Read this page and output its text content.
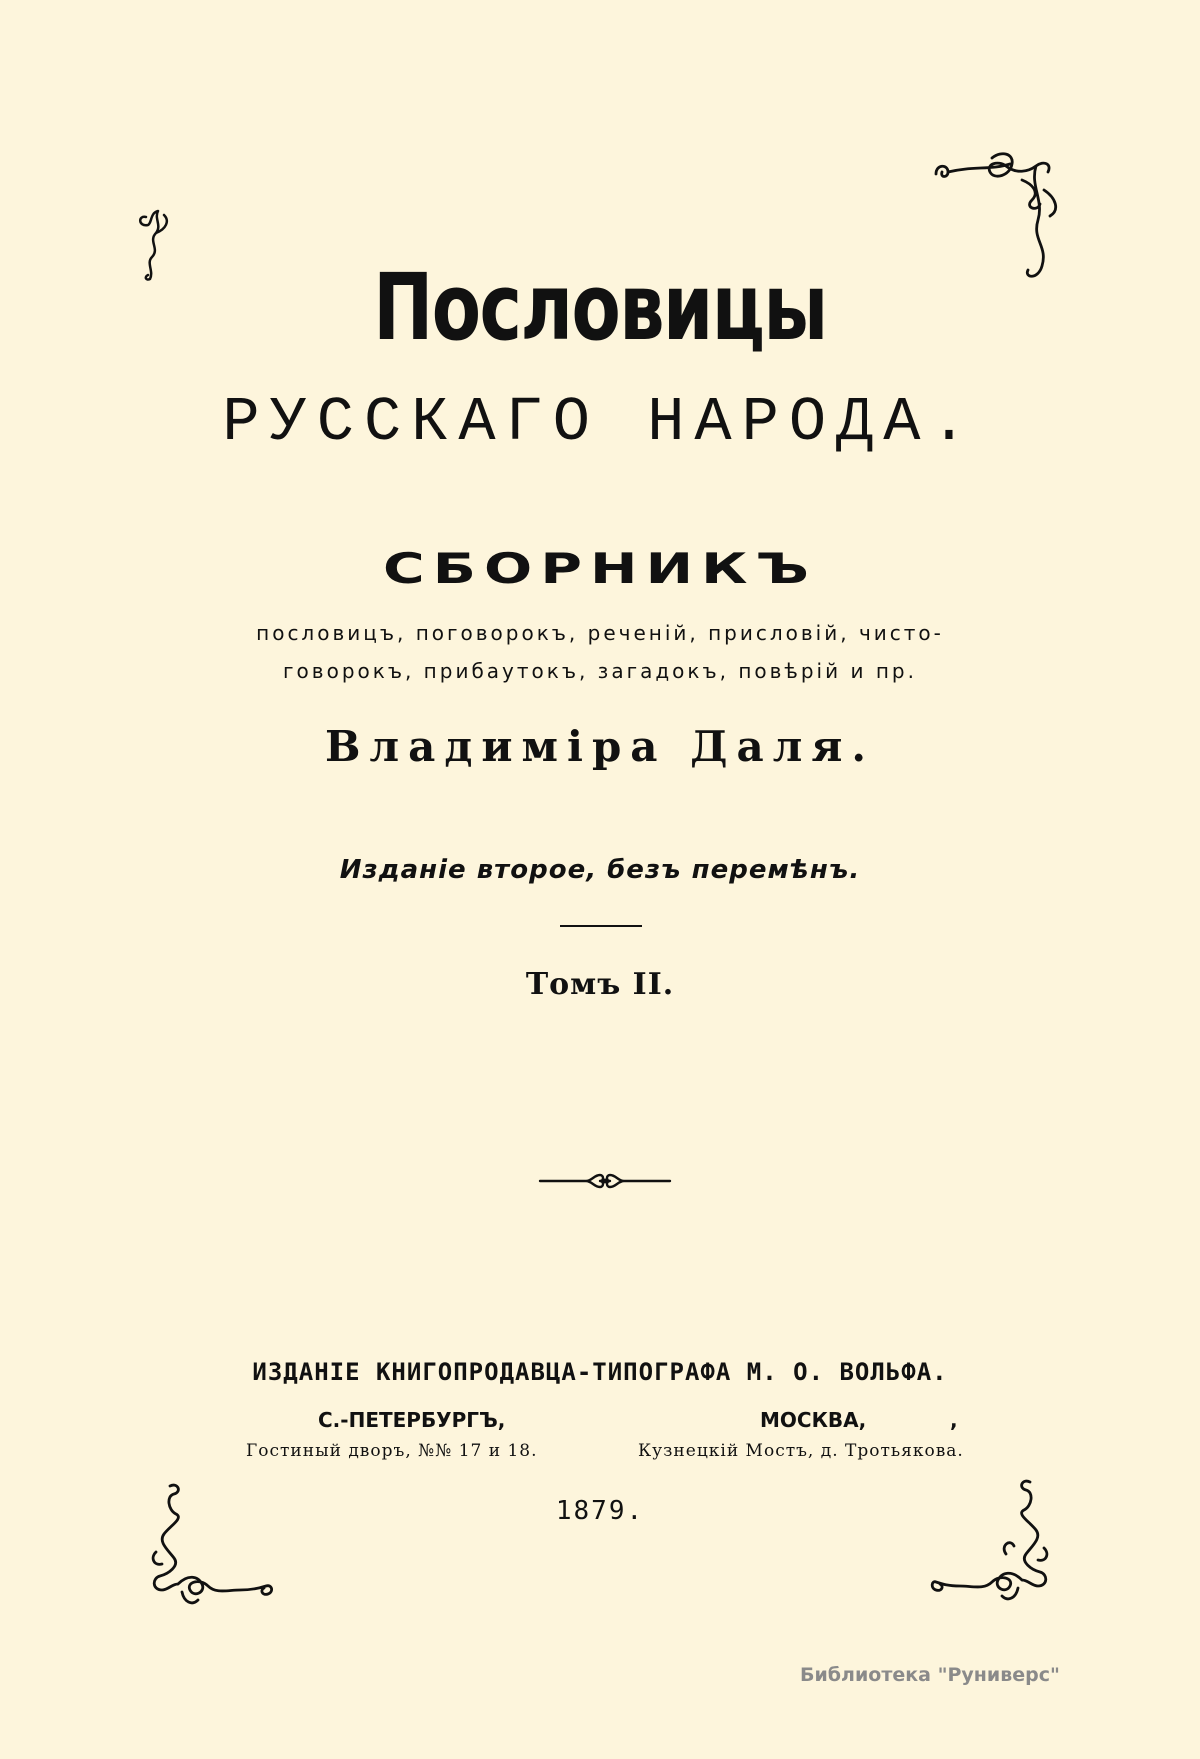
Пословицы
РУССКАГО НАРОДА.
СБОРНИКЪ
пословицъ, поговорокъ, реченій, присловій, чисто-
говорокъ, прибаутокъ, загадокъ, повѣрій и пр.
Владиміра Даля.
Изданіе второе, безъ перемѣнъ.
Томъ II.
ИЗДАНІЕ КНИГОПРОДАВЦА-ТИПОГРАФА М. О. ВОЛЬФА.
С.-ПЕТЕРБУРГЪ,	МОСКВА,	,
Гостиный дворъ, №№ 17 и 18.	Кузнецкій Мостъ, д. Тротьякова.
1879.
Библиотека "Руниверс"
